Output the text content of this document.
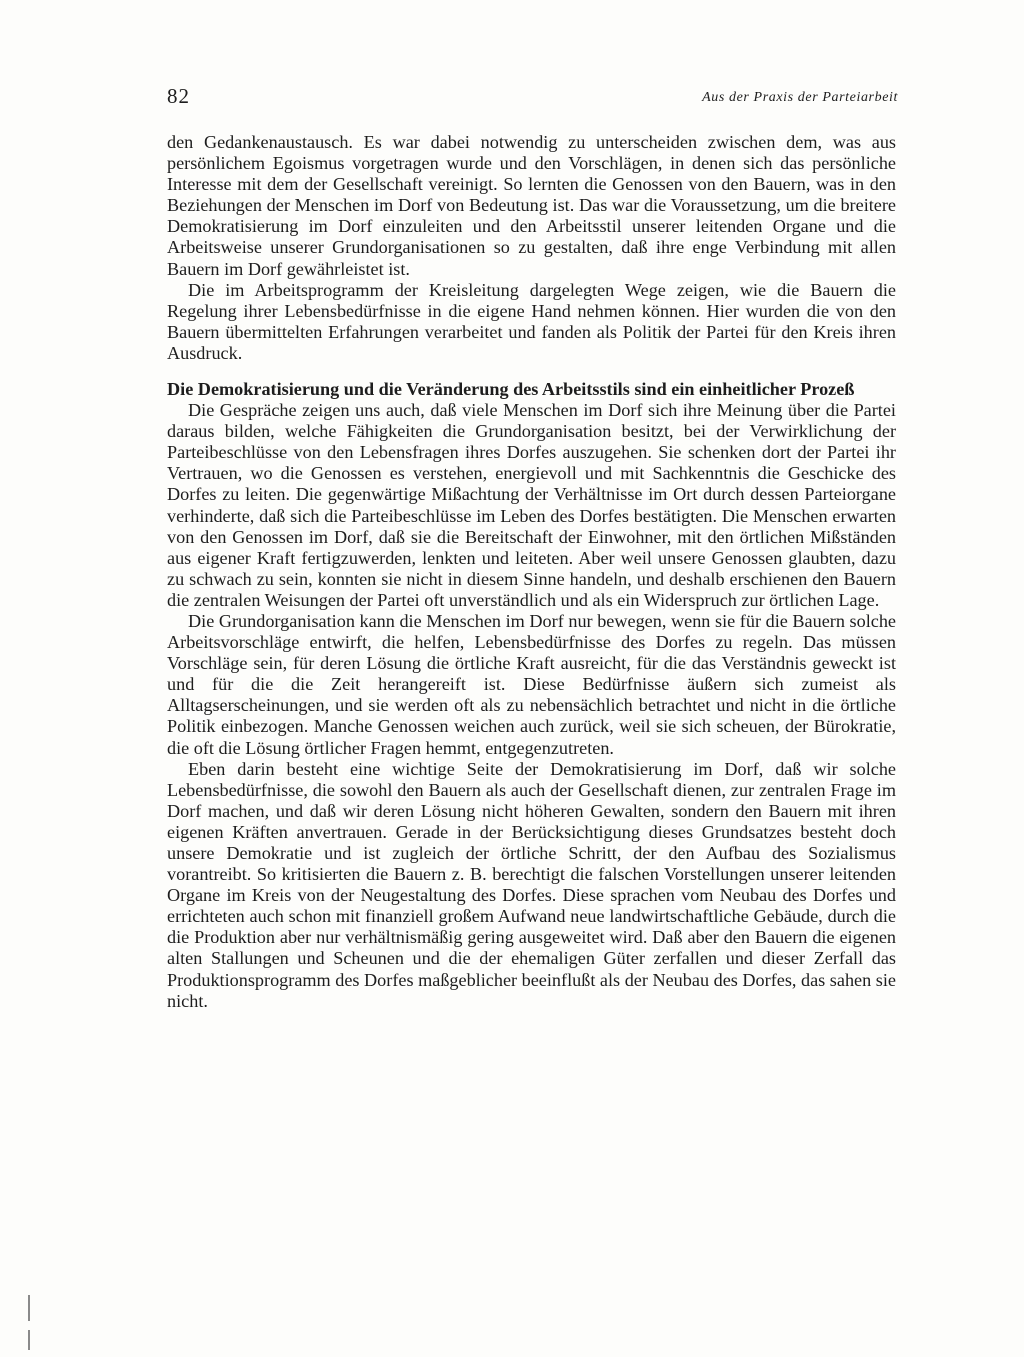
82	Aus der Praxis der Parteiarbeit

den Gedankenaustausch. Es war dabei notwendig zu unterscheiden zwischen dem, was aus persönlichem Egoismus vorgetragen wurde und den Vorschlägen, in denen sich das persönliche Interesse mit dem der Gesellschaft vereinigt. So lernten die Genossen von den Bauern, was in den Beziehungen der Menschen im Dorf von Bedeutung ist. Das war die Voraussetzung, um die breitere Demokratisierung im Dorf einzuleiten und den Arbeitsstil unserer leitenden Organe und die Arbeitsweise unserer Grundorganisationen so zu gestalten, daß ihre enge Verbindung mit allen Bauern im Dorf gewährleistet ist.

Die im Arbeitsprogramm der Kreisleitung dargelegten Wege zeigen, wie die Bauern die Regelung ihrer Lebensbedürfnisse in die eigene Hand nehmen können. Hier wurden die von den Bauern übermittelten Erfahrungen verarbeitet und fanden als Politik der Partei für den Kreis ihren Ausdruck.

Die Demokratisierung und die Veränderung des Arbeitsstils sind ein einheitlicher Prozeß

Die Gespräche zeigen uns auch, daß viele Menschen im Dorf sich ihre Meinung über die Partei daraus bilden, welche Fähigkeiten die Grundorganisation besitzt, bei der Verwirklichung der Parteibeschlüsse von den Lebensfragen ihres Dorfes auszugehen. Sie schenken dort der Partei ihr Vertrauen, wo die Genossen es verstehen, energievoll und mit Sachkenntnis die Geschicke des Dorfes zu leiten. Die gegenwärtige Mißachtung der Verhältnisse im Ort durch dessen Parteiorgane verhinderte, daß sich die Parteibeschlüsse im Leben des Dorfes bestätigten. Die Menschen erwarten von den Genossen im Dorf, daß sie die Bereitschaft der Einwohner, mit den örtlichen Mißständen aus eigener Kraft fertigzuwerden, lenkten und leiteten. Aber weil unsere Genossen glaubten, dazu zu schwach zu sein, konnten sie nicht in diesem Sinne handeln, und deshalb erschienen den Bauern die zentralen Weisungen der Partei oft unverständlich und als ein Widerspruch zur örtlichen Lage.

Die Grundorganisation kann die Menschen im Dorf nur bewegen, wenn sie für die Bauern solche Arbeitsvorschläge entwirft, die helfen, Lebensbedürfnisse des Dorfes zu regeln. Das müssen Vorschläge sein, für deren Lösung die örtliche Kraft ausreicht, für die das Verständnis geweckt ist und für die die Zeit herangereift ist. Diese Bedürfnisse äußern sich zumeist als Alltagserscheinungen, und sie werden oft als zu nebensächlich betrachtet und nicht in die örtliche Politik einbezogen. Manche Genossen weichen auch zurück, weil sie sich scheuen, der Bürokratie, die oft die Lösung örtlicher Fragen hemmt, entgegenzutreten.

Eben darin besteht eine wichtige Seite der Demokratisierung im Dorf, daß wir solche Lebensbedürfnisse, die sowohl den Bauern als auch der Gesellschaft dienen, zur zentralen Frage im Dorf machen, und daß wir deren Lösung nicht höheren Gewalten, sondern den Bauern mit ihren eigenen Kräften anvertrauen. Gerade in der Berücksichtigung dieses Grundsatzes besteht doch unsere Demokratie und ist zugleich der örtliche Schritt, der den Aufbau des Sozialismus vorantreibt. So kritisierten die Bauern z. B. berechtigt die falschen Vorstellungen unserer leitenden Organe im Kreis von der Neugestaltung des Dorfes. Diese sprachen vom Neubau des Dorfes und errichteten auch schon mit finanziell großem Aufwand neue landwirtschaftliche Gebäude, durch die die Produktion aber nur verhältnismäßig gering ausgeweitet wird. Daß aber den Bauern die eigenen alten Stallungen und Scheunen und die der ehemaligen Güter zerfallen und dieser Zerfall das Produktionsprogramm des Dorfes maßgeblicher beeinflußt als der Neubau des Dorfes, das sahen sie nicht.
